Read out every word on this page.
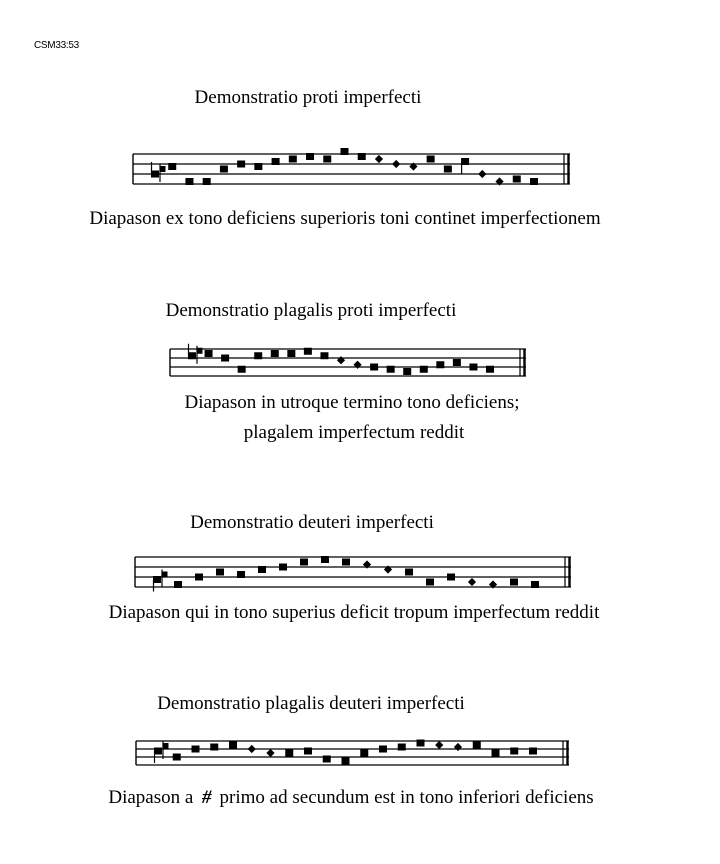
CSM33:53
Demonstratio proti imperfecti
Diapason ex tono deficiens superioris toni continet imperfectionem
Demonstratio plagalis proti imperfecti
Diapason in utroque termino tono deficiens;
plagalem imperfectum reddit
Demonstratio deuteri imperfecti
Diapason qui in tono superius deficit tropum imperfectum reddit
Demonstratio plagalis deuteri imperfecti
Diapason a # primo ad secundum est in tono inferiori deficiens
